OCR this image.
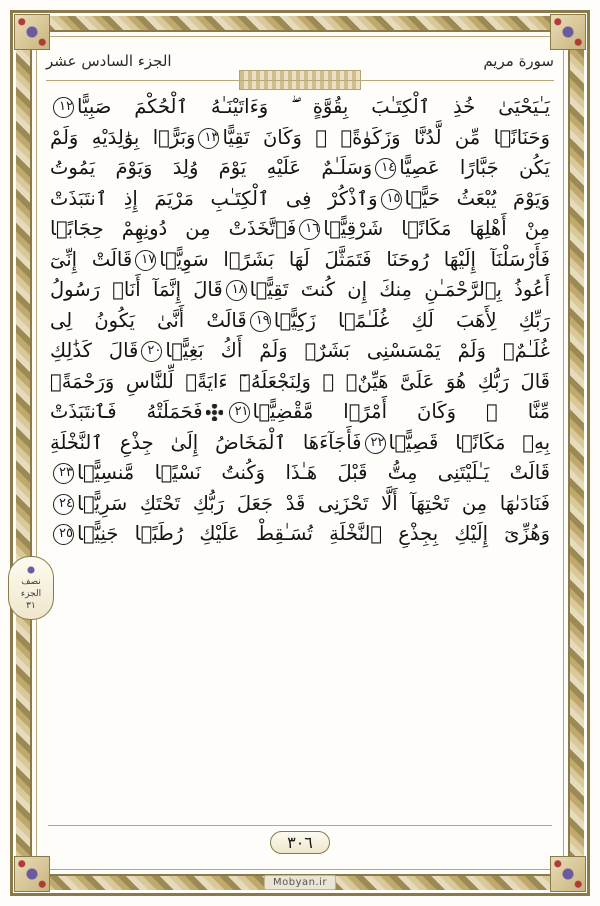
سورة مريم
الجزء السادس عشر
يَـٰيَحْيَىٰ خُذِ ٱلْكِتَـٰبَ بِقُوَّةٍ ۖ وَءَاتَيْنَـٰهُ ٱلْحُكْمَ صَبِيًّا١٢
وَحَنَانًۭا مِّن لَّدُنَّا وَزَكَوٰةًۭ ۖ وَكَانَ تَقِيًّا١٣وَبَرًّۢا بِوَٰلِدَيْهِ وَلَمْ
يَكُن جَبَّارًا عَصِيًّا١٤وَسَلَـٰمٌ عَلَيْهِ يَوْمَ وُلِدَ وَيَوْمَ يَمُوتُ
وَيَوْمَ يُبْعَثُ حَيًّۭا١٥وَٱذْكُرْ فِى ٱلْكِتَـٰبِ مَرْيَمَ إِذِ ٱنتَبَذَتْ
مِنْ أَهْلِهَا مَكَانًۭا شَرْقِيًّۭا١٦فَٱتَّخَذَتْ مِن دُونِهِمْ حِجَابًۭا
فَأَرْسَلْنَآ إِلَيْهَا رُوحَنَا فَتَمَثَّلَ لَهَا بَشَرًۭا سَوِيًّۭا١٧قَالَتْ إِنِّىٓ
أَعُوذُ بِٱلرَّحْمَـٰنِ مِنكَ إِن كُنتَ تَقِيًّۭا١٨قَالَ إِنَّمَآ أَنَا۠ رَسُولُ
رَبِّكِ لِأَهَبَ لَكِ غُلَـٰمًۭا زَكِيًّۭا١٩قَالَتْ أَنَّىٰ يَكُونُ لِى
غُلَـٰمٌۭ وَلَمْ يَمْسَسْنِى بَشَرٌۭ وَلَمْ أَكُ بَغِيًّۭا٢٠قَالَ كَذَٰلِكِ
قَالَ رَبُّكِ هُوَ عَلَىَّ هَيِّنٌۭ ۖ وَلِنَجْعَلَهُۥٓ ءَايَةًۭ لِّلنَّاسِ وَرَحْمَةًۭ
مِّنَّا ۚ وَكَانَ أَمْرًۭا مَّقْضِيًّۭا٢١فَحَمَلَتْهُ فَٱنتَبَذَتْ
بِهِۦ مَكَانًۭا قَصِيًّۭا٢٢فَأَجَآءَهَا ٱلْمَخَاضُ إِلَىٰ جِذْعِ ٱلنَّخْلَةِ
قَالَتْ يَـٰلَيْتَنِى مِتُّ قَبْلَ هَـٰذَا وَكُنتُ نَسْيًۭا مَّنسِيًّۭا٢٣
فَنَادَىٰهَا مِن تَحْتِهَآ أَلَّا تَحْزَنِى قَدْ جَعَلَ رَبُّكِ تَحْتَكِ سَرِيًّۭا٢٤
وَهُزِّىٓ إِلَيْكِ بِجِذْعِ ٱلنَّخْلَةِ تُسَـٰقِطْ عَلَيْكِ رُطَبًۭا جَنِيًّۭا٢٥
نصف
الجزء
٣١
٣٠٦
Mobyan.ir
